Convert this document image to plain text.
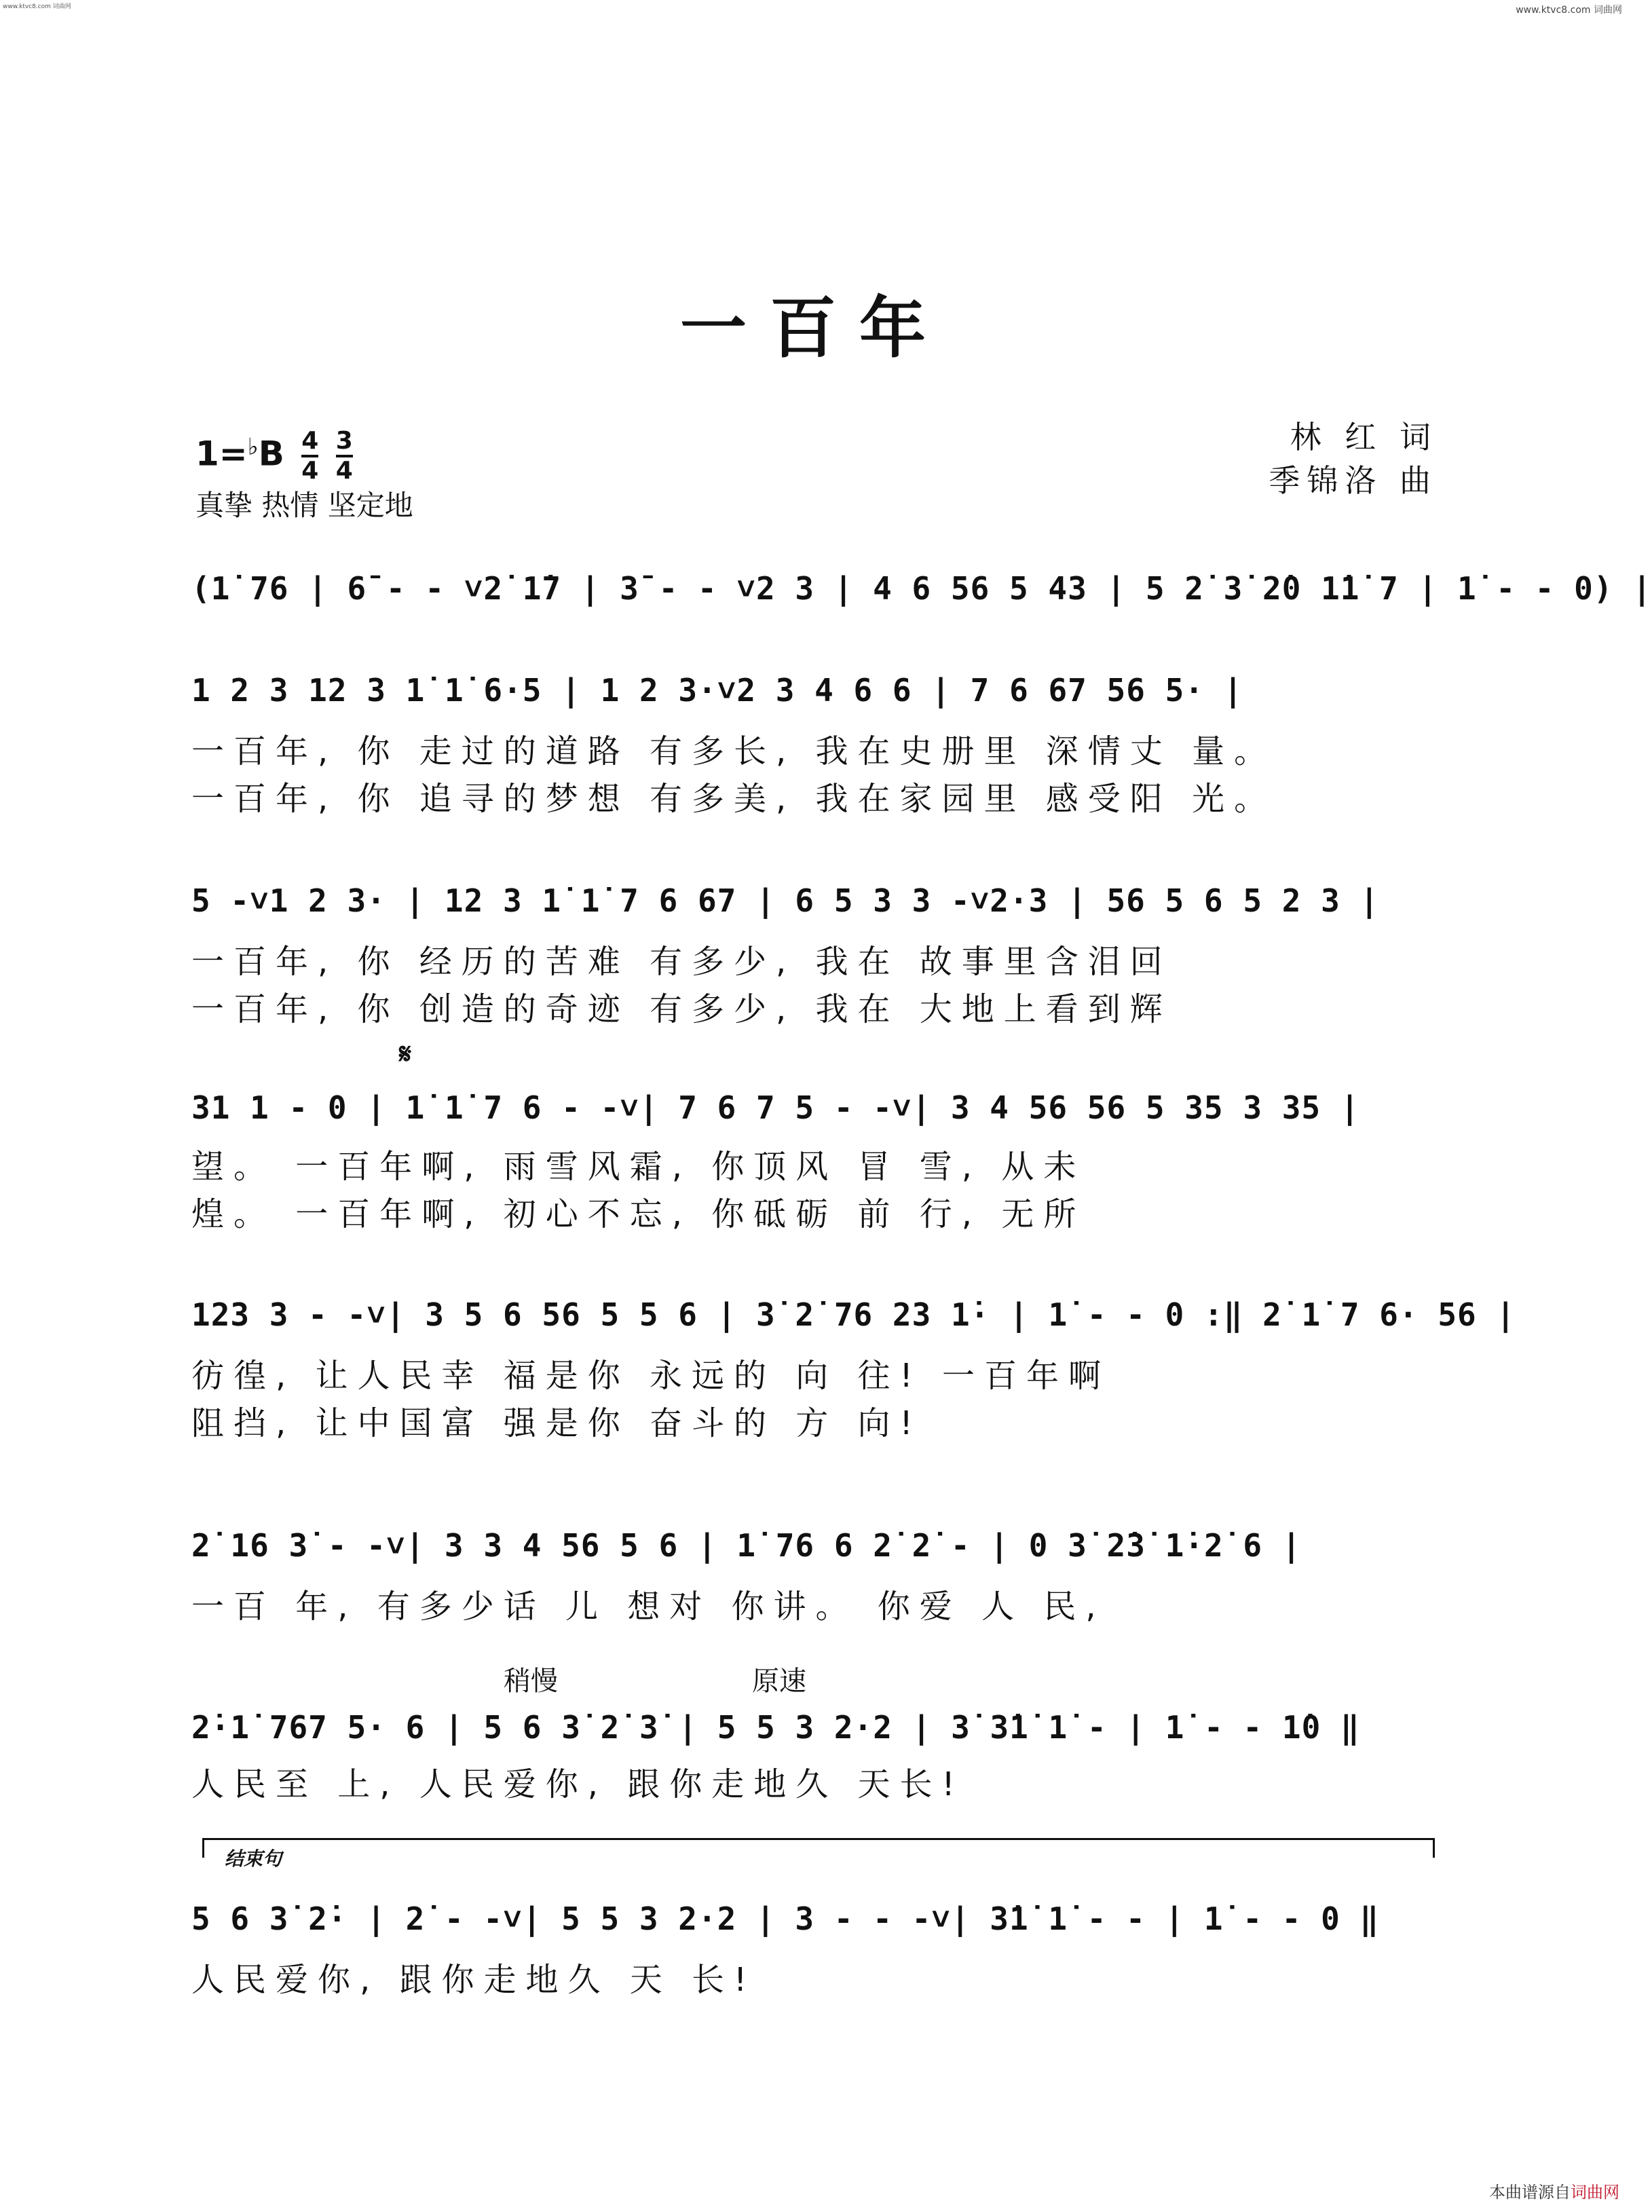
www.ktvc8.com 词曲网	www.ktvc8.com 词曲网
本曲谱源自词曲网
一百年
$1=^♭B \frac{4}{4} \frac{3}{4}$
真挚 热情 坚定地
林 红 词
季锦洛 曲
(1̇ 76 | 6̄ - - ˅2̇ 1̇7 | 3̄ - - ˅2 3 | 4 6 56 5 43 | 5 2̇ 3̇ 2̇0 1̇1̇ 7 | 1̇ - - 0) |
1 2 3 12 3 1̇ 1̇ 6·5 | 1 2 3·˅2 3 4 6 6 | 7 6 67 56 5· |
一百年, 你 走过的道路 有多长, 我在史册里 深情丈 量。
一百年, 你 追寻的梦想 有多美, 我在家园里 感受阳 光。
5 -˅1 2 3· | 12 3 1̇ 1̇ 7 6 67 | 6 5 3 3 -˅2·3 | 56 5 6 5 2 3 |
一百年, 你 经历的苦难 有多少, 我在 故事里含泪回
一百年, 你 创造的奇迹 有多少, 我在 大地上看到辉
𝄋
31 1 - 0 | 1̇ 1̇ 7 6 - -˅| 7 6 7 5 - -˅| 3 4 56 56 5 35 3 35 |
望。 一百年啊, 雨雪风霜, 你顶风 冒 雪, 从未
煌。 一百年啊, 初心不忘, 你砥砺 前 行, 无所
123 3 - -˅| 3 5 6 56 5 5 6 | 3̇ 2̇ 76 23 1̇· | 1̇ - - 0 :‖ 2̇ 1̇ 7 6· 56 |
彷徨, 让人民幸 福是你 永远的 向 往! 一百年啊
阻挡, 让中国富 强是你 奋斗的 方 向!
2̇ 16 3̇ - -˅| 3 3 4 56 5 6 | 1̇ 76 6 2̇ 2̇ - | 0 3̇ 2̇3̇ 1̇·2̇ 6 |
一百 年, 有多少话 儿 想对 你讲。 你爱 人 民,
稍慢	原速
2̇·1̇ 767 5· 6 | 5 6 3̇ 2̇ 3̇ | 5 5 3 2·2 | 3̇ 3̇1̇ 1̇ - | 1̇ - - 1̇0 ‖
人民至 上, 人民爱你, 跟你走地久 天长!
结束句
5 6 3̇ 2̇· | 2̇ - -˅| 5 5 3 2·2 | 3 - - -˅| 3̇1̇ 1̇ - - | 1̇ - - 0 ‖
人民爱你, 跟你走地久 天 长!
